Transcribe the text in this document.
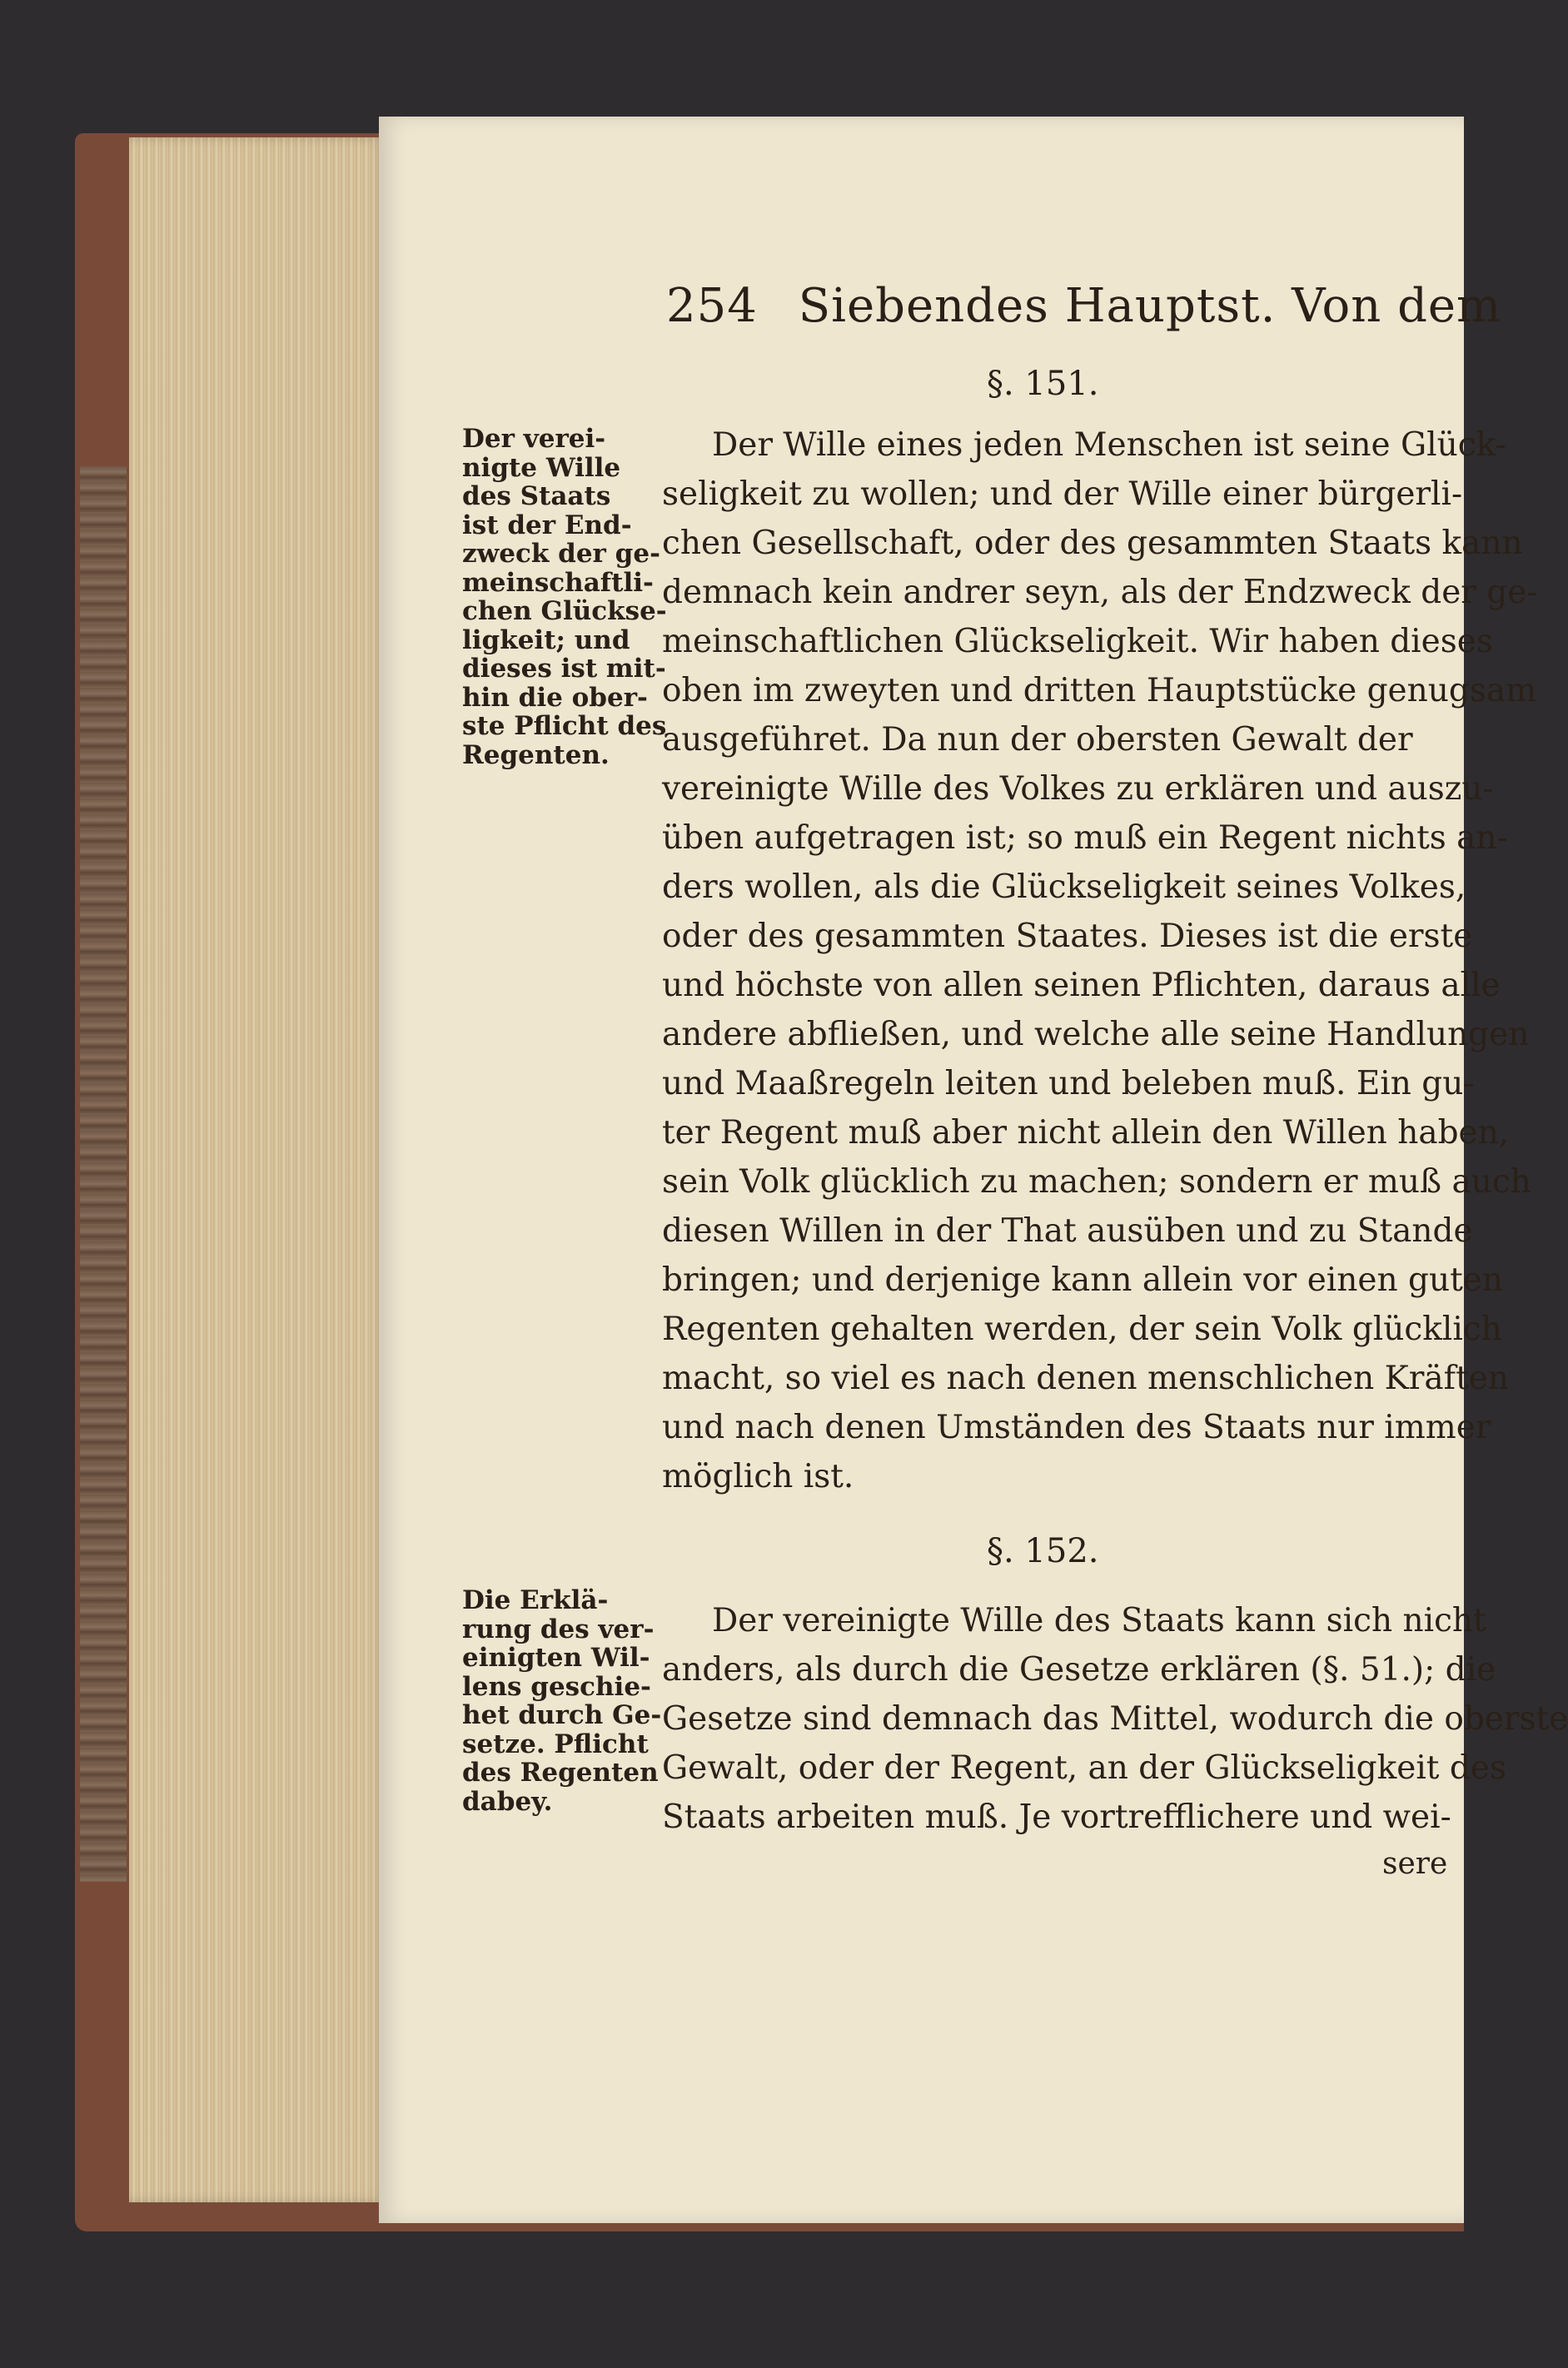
254 Siebendes Hauptst. Von dem
§. 151.
Der verei-
nigte Wille
des Staats
ist der End-
zweck der ge-
meinschaftli-
chen Glückse-
ligkeit; und
dieses ist mit-
hin die ober-
ste Pflicht des
Regenten.
Der Wille eines jeden Menschen ist seine Glück-
seligkeit zu wollen; und der Wille einer bürgerli-
chen Gesellschaft, oder des gesammten Staats kann
demnach kein andrer seyn, als der Endzweck der ge-
meinschaftlichen Glückseligkeit. Wir haben dieses
oben im zweyten und dritten Hauptstücke genugsam
ausgeführet. Da nun der obersten Gewalt der
vereinigte Wille des Volkes zu erklären und auszu-
üben aufgetragen ist; so muß ein Regent nichts an-
ders wollen, als die Glückseligkeit seines Volkes,
oder des gesammten Staates. Dieses ist die erste
und höchste von allen seinen Pflichten, daraus alle
andere abfließen, und welche alle seine Handlungen
und Maaßregeln leiten und beleben muß. Ein gu-
ter Regent muß aber nicht allein den Willen haben,
sein Volk glücklich zu machen; sondern er muß auch
diesen Willen in der That ausüben und zu Stande
bringen; und derjenige kann allein vor einen guten
Regenten gehalten werden, der sein Volk glücklich
macht, so viel es nach denen menschlichen Kräften
und nach denen Umständen des Staats nur immer
möglich ist.
§. 152.
Die Erklä-
rung des ver-
einigten Wil-
lens geschie-
het durch Ge-
setze. Pflicht
des Regenten
dabey.
Der vereinigte Wille des Staats kann sich nicht
anders, als durch die Gesetze erklären (§. 51.); die
Gesetze sind demnach das Mittel, wodurch die oberste
Gewalt, oder der Regent, an der Glückseligkeit des
Staats arbeiten muß. Je vortrefflichere und wei-
sere
